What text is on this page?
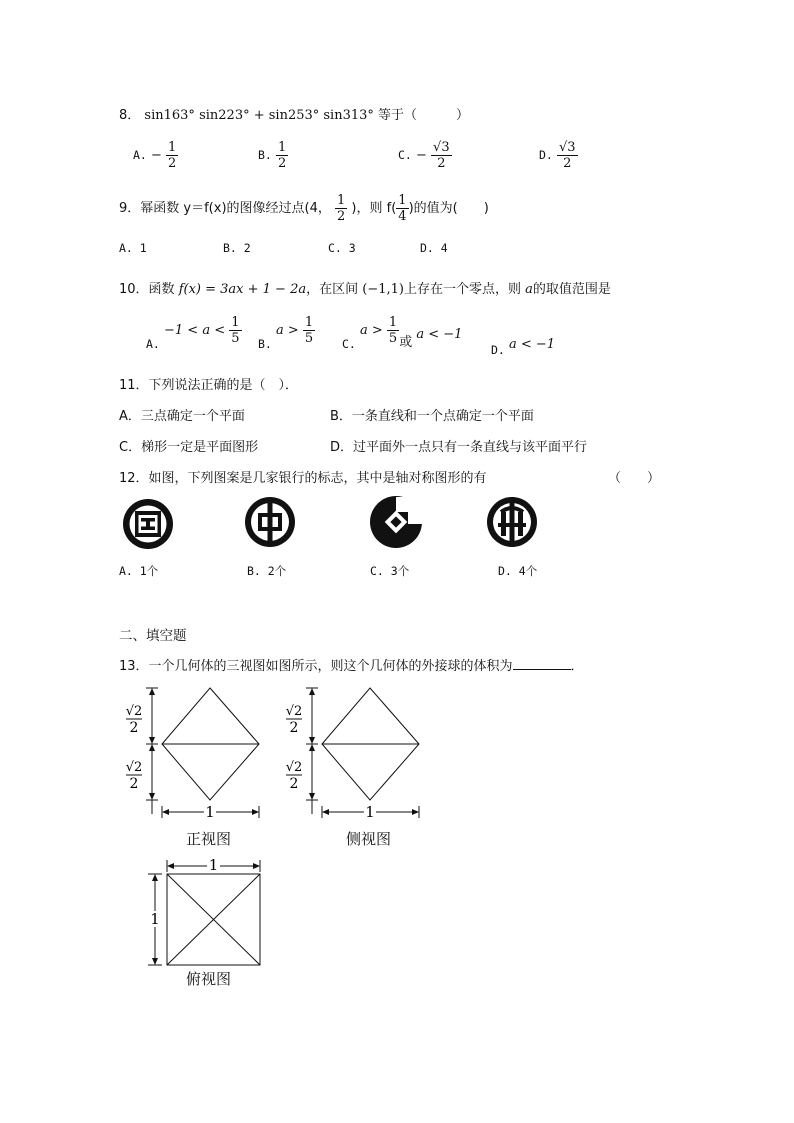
8． sin163° sin223° + sin253° sin313° 等于（　　　）
A. − $\frac{1}{2}$	B. $\frac{1}{2}$	C. − $\frac{√3}{2}$	D. $\frac{√3}{2}$
9．幂函数 y＝f(x)的图像经过点(4， $\frac{1}{2}$ )，则 $f( \frac{1}{4}$ )的值为(　　)
A. 1	B. 2	C. 3	D. 4
10．函数 f(x) = 3ax + 1 − 2a，在区间 (−1,1)上存在一个零点，则 a的取值范围是
A. $-1 < a < \frac{1}{5} B$. $a > \frac{1}{5} C$. $a > \frac{1}{5}$ 或 a < −1
D. a < −1
11．下列说法正确的是（　）．
A．三点确定一个平面	B．一条直线和一个点确定一个平面
C．梯形一定是平面图形	D．过平面外一点只有一条直线与该平面平行
12．如图，下列图案是几家银行的标志，其中是轴对称图形的有	（　　）
A. 1个	B. 2个	C. 3个	D. 4个
二、填空题
13．一个几何体的三视图如图所示，则这个几何体的外接球的体积为	．
√2
2
√2
2
1
正视图
√2
2
√2
2
1
侧视图
1
1
俯视图
